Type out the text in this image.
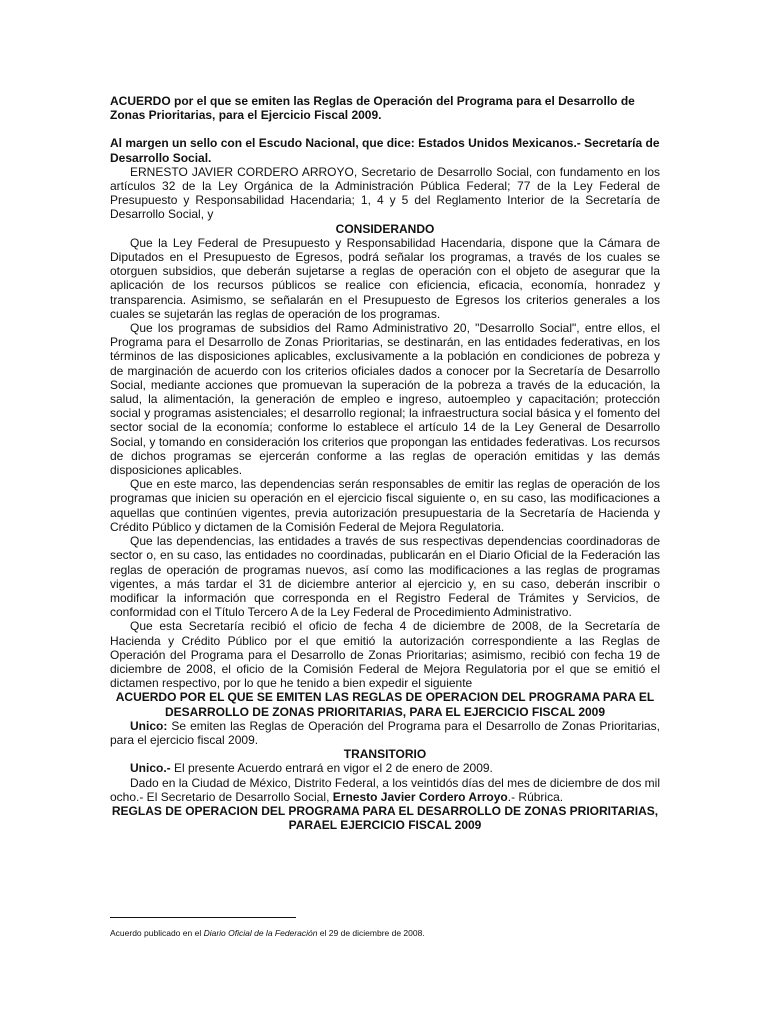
ACUERDO por el que se emiten las Reglas de Operación del Programa para el Desarrollo de Zonas Prioritarias, para el Ejercicio Fiscal 2009.

Al margen un sello con el Escudo Nacional, que dice: Estados Unidos Mexicanos.- Secretaría de Desarrollo Social.

ERNESTO JAVIER CORDERO ARROYO, Secretario de Desarrollo Social, con fundamento en los artículos 32 de la Ley Orgánica de la Administración Pública Federal; 77 de la Ley Federal de Presupuesto y Responsabilidad Hacendaria; 1, 4 y 5 del Reglamento Interior de la Secretaría de Desarrollo Social, y

CONSIDERANDO

Que la Ley Federal de Presupuesto y Responsabilidad Hacendaria, dispone que la Cámara de Diputados en el Presupuesto de Egresos, podrá señalar los programas, a través de los cuales se otorguen subsidios, que deberán sujetarse a reglas de operación con el objeto de asegurar que la aplicación de los recursos públicos se realice con eficiencia, eficacia, economía, honradez y transparencia. Asimismo, se señalarán en el Presupuesto de Egresos los criterios generales a los cuales se sujetarán las reglas de operación de los programas.

Que los programas de subsidios del Ramo Administrativo 20, "Desarrollo Social", entre ellos, el Programa para el Desarrollo de Zonas Prioritarias, se destinarán, en las entidades federativas, en los términos de las disposiciones aplicables, exclusivamente a la población en condiciones de pobreza y de marginación de acuerdo con los criterios oficiales dados a conocer por la Secretaría de Desarrollo Social, mediante acciones que promuevan la superación de la pobreza a través de la educación, la salud, la alimentación, la generación de empleo e ingreso, autoempleo y capacitación; protección social y programas asistenciales; el desarrollo regional; la infraestructura social básica y el fomento del sector social de la economía; conforme lo establece el artículo 14 de la Ley General de Desarrollo Social, y tomando en consideración los criterios que propongan las entidades federativas. Los recursos de dichos programas se ejercerán conforme a las reglas de operación emitidas y las demás disposiciones aplicables.

Que en este marco, las dependencias serán responsables de emitir las reglas de operación de los programas que inicien su operación en el ejercicio fiscal siguiente o, en su caso, las modificaciones a aquellas que continúen vigentes, previa autorización presupuestaria de la Secretaría de Hacienda y Crédito Público y dictamen de la Comisión Federal de Mejora Regulatoria.

Que las dependencias, las entidades a través de sus respectivas dependencias coordinadoras de sector o, en su caso, las entidades no coordinadas, publicarán en el Diario Oficial de la Federación las reglas de operación de programas nuevos, así como las modificaciones a las reglas de programas vigentes, a más tardar el 31 de diciembre anterior al ejercicio y, en su caso, deberán inscribir o modificar la información que corresponda en el Registro Federal de Trámites y Servicios, de conformidad con el Título Tercero A de la Ley Federal de Procedimiento Administrativo.

Que esta Secretaría recibió el oficio de fecha 4 de diciembre de 2008, de la Secretaría de Hacienda y Crédito Público por el que emitió la autorización correspondiente a las Reglas de Operación del Programa para el Desarrollo de Zonas Prioritarias; asimismo, recibió con fecha 19 de diciembre de 2008, el oficio de la Comisión Federal de Mejora Regulatoria por el que se emitió el dictamen respectivo, por lo que he tenido a bien expedir el siguiente

ACUERDO POR EL QUE SE EMITEN LAS REGLAS DE OPERACION DEL PROGRAMA PARA EL

DESARROLLO DE ZONAS PRIORITARIAS, PARA EL EJERCICIO FISCAL 2009

Unico: Se emiten las Reglas de Operación del Programa para el Desarrollo de Zonas Prioritarias, para el ejercicio fiscal 2009.

TRANSITORIO

Unico.- El presente Acuerdo entrará en vigor el 2 de enero de 2009.

Dado en la Ciudad de México, Distrito Federal, a los veintidós días del mes de diciembre de dos mil ocho.- El Secretario de Desarrollo Social, Ernesto Javier Cordero Arroyo.- Rúbrica.

REGLAS DE OPERACION DEL PROGRAMA PARA EL DESARROLLO DE ZONAS PRIORITARIAS, PARAEL EJERCICIO FISCAL 2009

Acuerdo publicado en el Diario Oficial de la Federación el 29 de diciembre de 2008.
